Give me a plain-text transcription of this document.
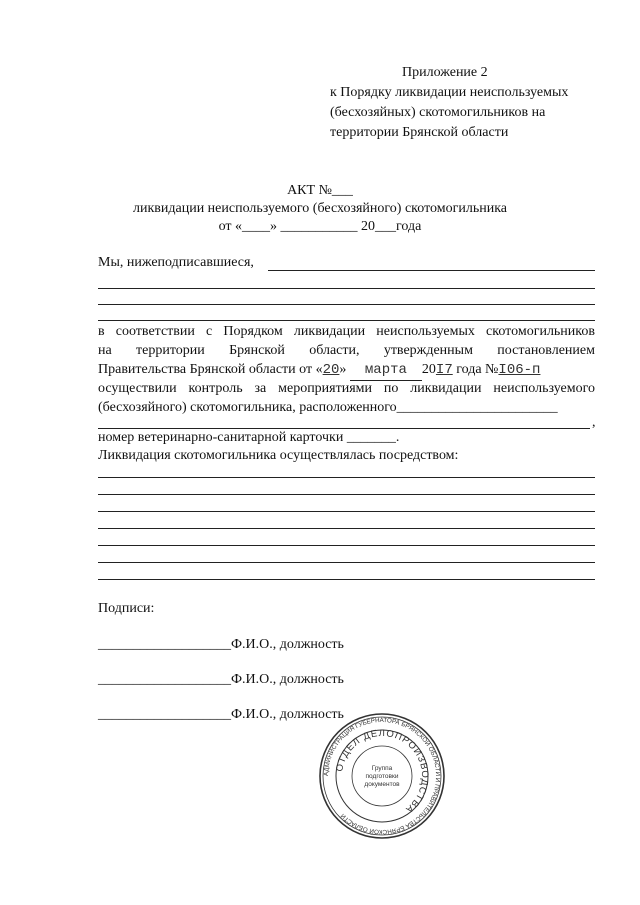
Приложение 2
к Порядку ликвидации неиспользуемых
(бесхозяйных) скотомогильников на
территории Брянской области
АКТ №___
ликвидации неиспользуемого (бесхозяйного) скотомогильника
от «____» ___________ 20___года
Мы, нижеподписавшиеся,
в соответствии с Порядком ликвидации неиспользуемых скотомогильников
на территории Брянской области, утвержденным постановлением
Правительства Брянской области от «20» марта 20I7 года №I06-п
осуществили контроль за мероприятиями по ликвидации неиспользуемого
(бесхозяйного) скотомогильника, расположенного_______________________
,
номер ветеринарно-санитарной карточки _______.
Ликвидация скотомогильника осуществлялась посредством:
Подписи:
___________________Ф.И.О., должность
___________________Ф.И.О., должность
___________________Ф.И.О., должность
АДМИНИСТРАЦИЯ ГУБЕРНАТОРА БРЯНСКОЙ ОБЛАСТИ И ПРАВИТЕЛЬСТВА БРЯНСКОЙ ОБЛАСТИ
ОТДЕЛ ДЕЛОПРОИЗВОДСТВА
Группа
подготовки
документов
